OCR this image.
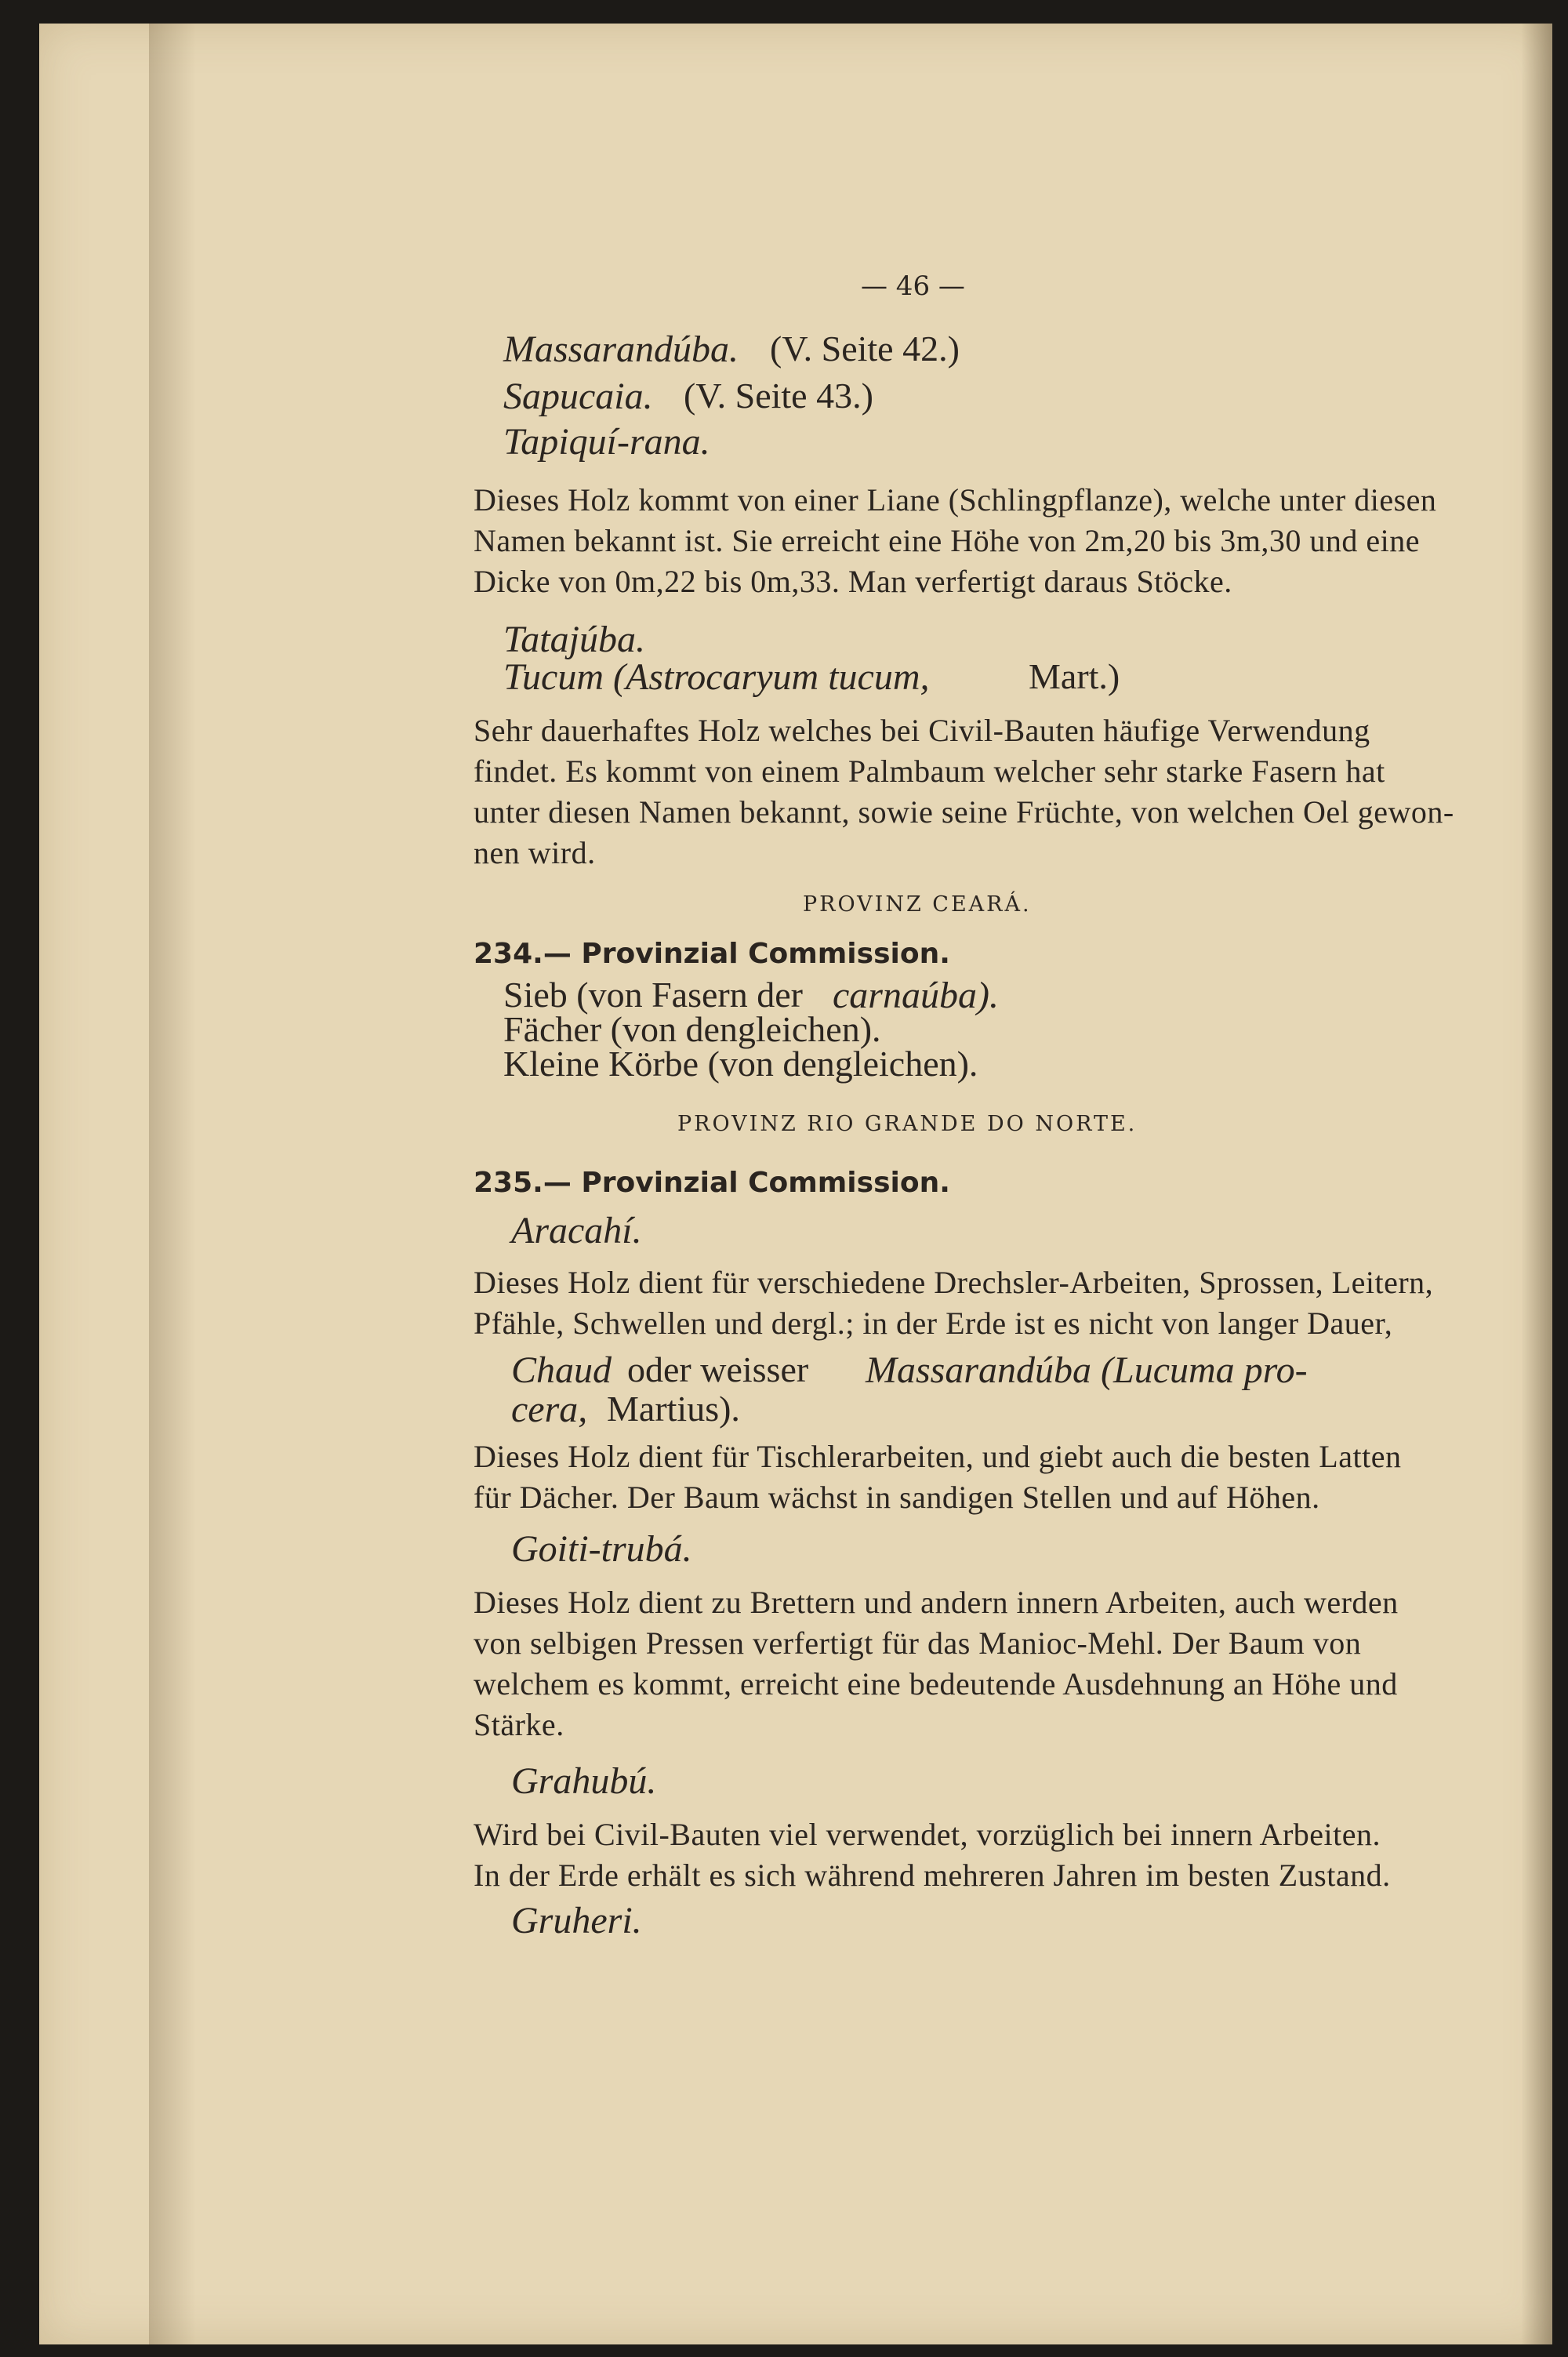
— 46 —
Massarandúba. (V. Seite 42.)
Sapucaia. (V. Seite 43.)
Tapiquí-rana.
Dieses Holz kommt von einer Liane (Schlingpflanze), welche unter diesen
Namen bekannt ist. Sie erreicht eine Höhe von 2m,20 bis 3m,30 und eine
Dicke von 0m,22 bis 0m,33. Man verfertigt daraus Stöcke.
Tatajúba.
Tucum (Astrocaryum tucum,	Mart.)
Sehr dauerhaftes Holz welches bei Civil-Bauten häufige Verwendung
findet. Es kommt von einem Palmbaum welcher sehr starke Fasern hat
unter diesen Namen bekannt, sowie seine Früchte, von welchen Oel gewon-
nen wird.
PROVINZ CEARÁ.
234.— Provinzial Commission.
Sieb (von Fasern der carnaúba).
Fächer (von dengleichen).
Kleine Körbe (von dengleichen).
PROVINZ RIO GRANDE DO NORTE.
235.— Provinzial Commission.
Aracahí.
Dieses Holz dient für verschiedene Drechsler-Arbeiten, Sprossen, Leitern,
Pfähle, Schwellen und dergl.; in der Erde ist es nicht von langer Dauer,
Chaud oder weisser Massarandúba (Lucuma pro-
cera, Martius).
Dieses Holz dient für Tischlerarbeiten, und giebt auch die besten Latten
für Dächer. Der Baum wächst in sandigen Stellen und auf Höhen.
Goiti-trubá.
Dieses Holz dient zu Brettern und andern innern Arbeiten, auch werden
von selbigen Pressen verfertigt für das Manioc-Mehl. Der Baum von
welchem es kommt, erreicht eine bedeutende Ausdehnung an Höhe und
Stärke.
Grahubú.
Wird bei Civil-Bauten viel verwendet, vorzüglich bei innern Arbeiten.
In der Erde erhält es sich während mehreren Jahren im besten Zustand.
Gruheri.
